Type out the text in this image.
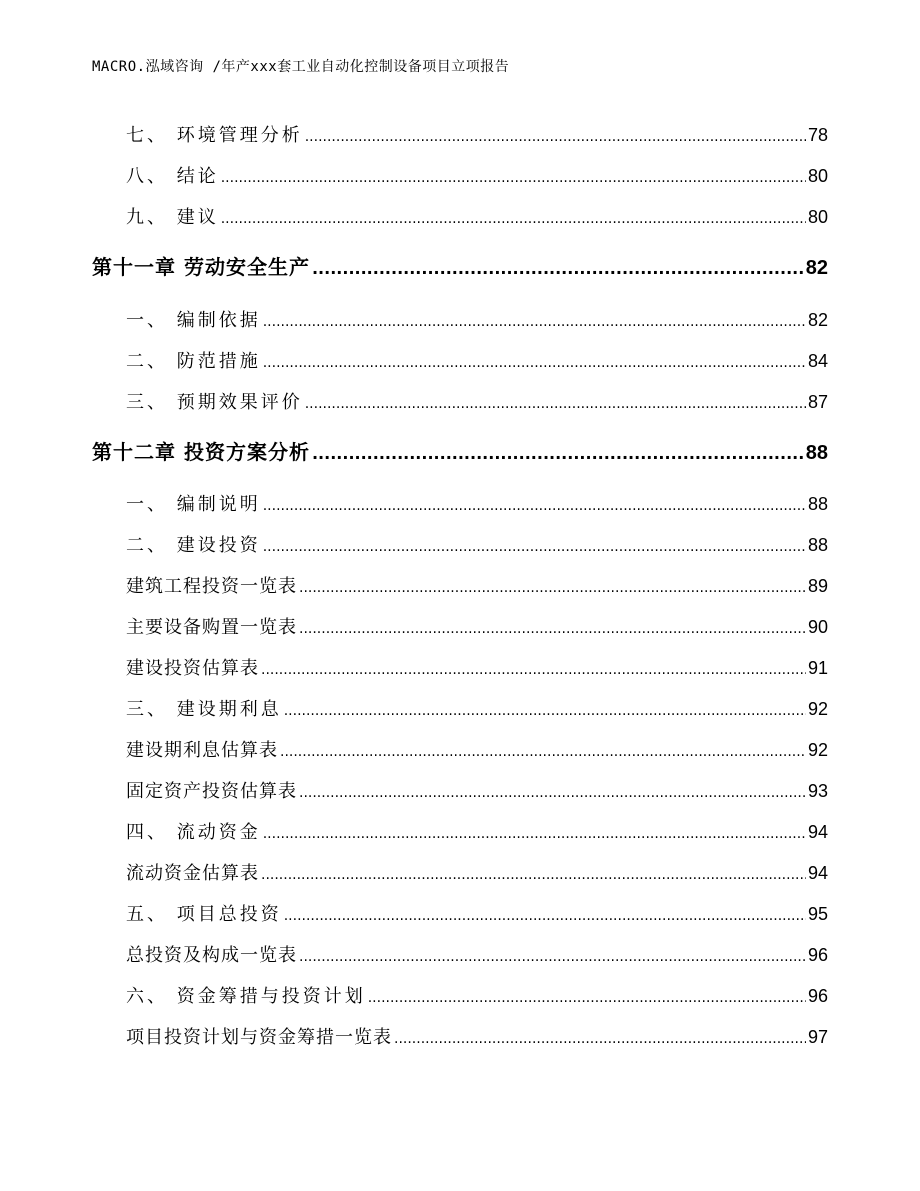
MACRO.泓域咨询 /年产xxx套工业自动化控制设备项目立项报告
七、 环境管理分析 .....	78
八、 结论 .....	80
九、 建议 .....	80
第十一章 劳动安全生产 .....	82
一、 编制依据 .....	82
二、 防范措施 .....	84
三、 预期效果评价 .....	87
第十二章 投资方案分析 .....	88
一、 编制说明 .....	88
二、 建设投资 .....	88
建筑工程投资一览表 .....	89
主要设备购置一览表 .....	90
建设投资估算表 .....	91
三、 建设期利息 .....	92
建设期利息估算表 .....	92
固定资产投资估算表 .....	93
四、 流动资金 .....	94
流动资金估算表 .....	94
五、 项目总投资 .....	95
总投资及构成一览表 .....	96
六、 资金筹措与投资计划 .....	96
项目投资计划与资金筹措一览表 .....	97
